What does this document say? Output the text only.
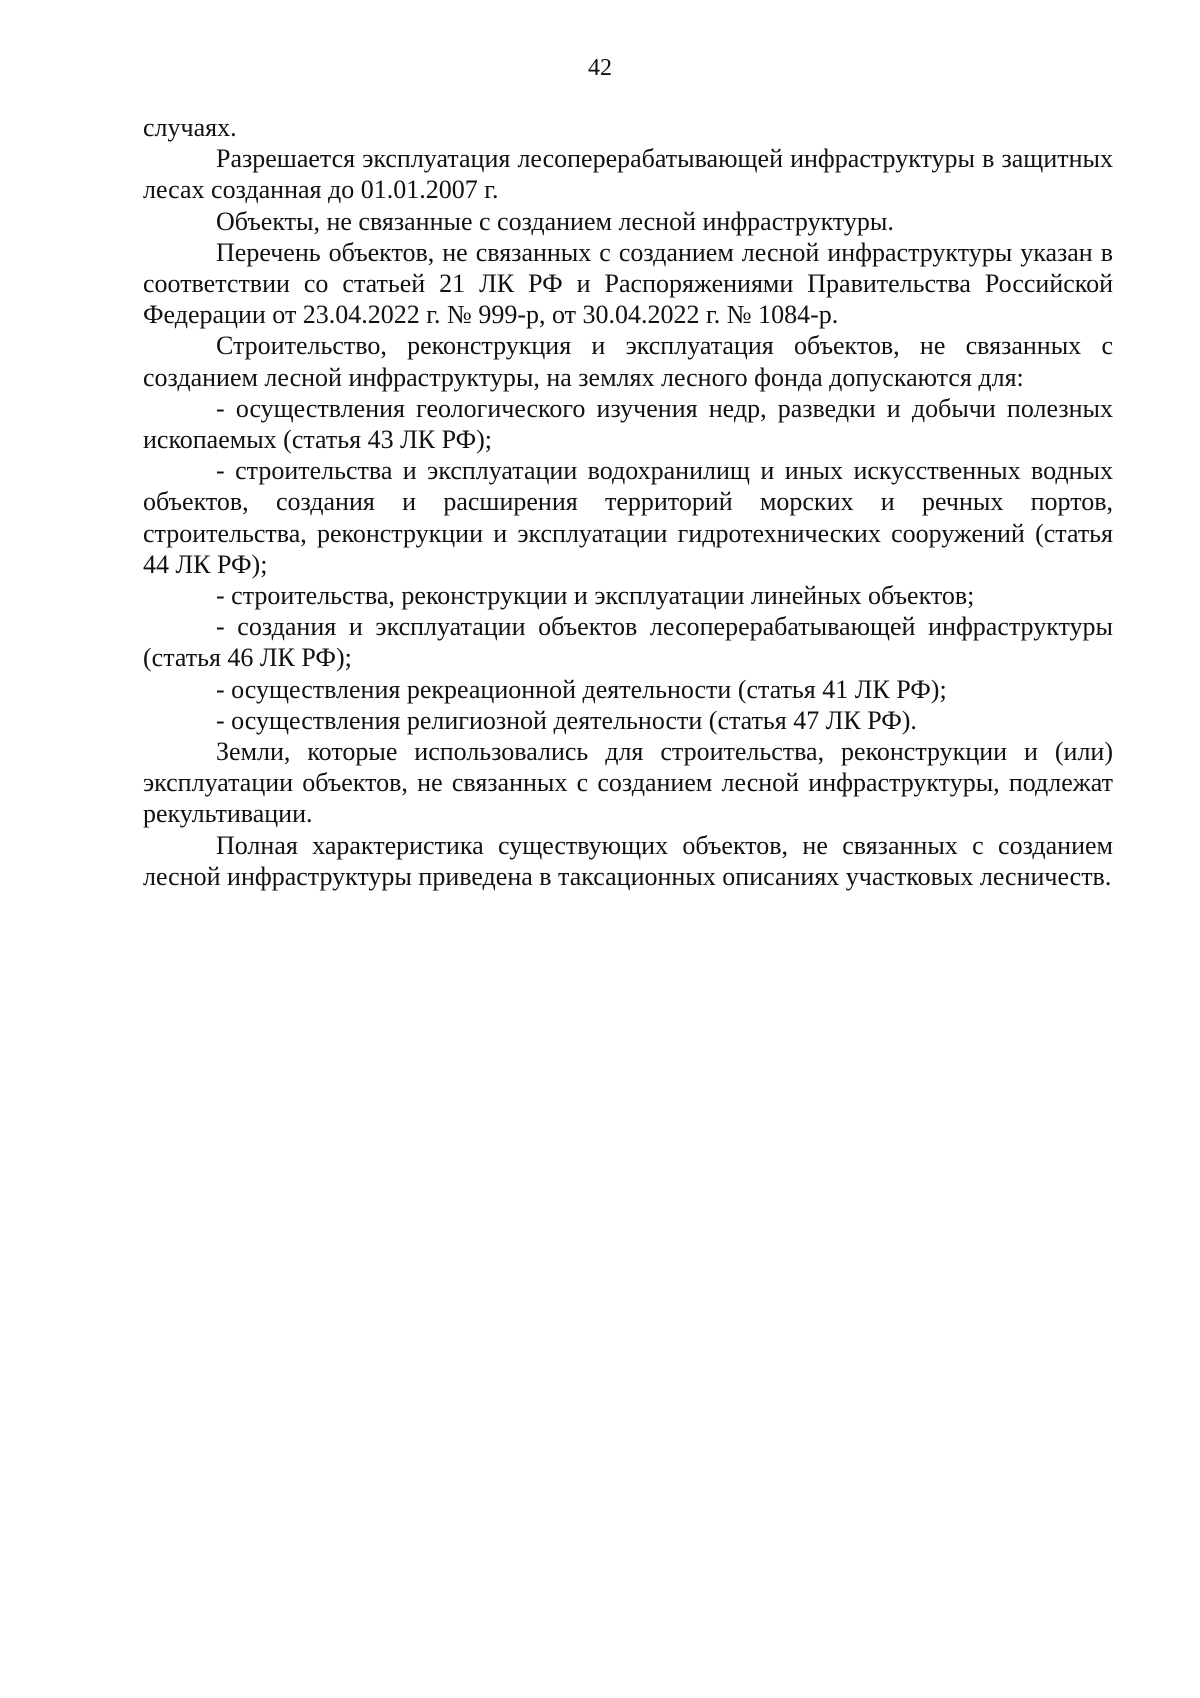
42

случаях.

Разрешается эксплуатация лесоперерабатывающей инфраструктуры в защитных лесах созданная до 01.01.2007 г.

Объекты, не связанные с созданием лесной инфраструктуры.

Перечень объектов, не связанных с созданием лесной инфраструктуры указан в соответствии со статьей 21 ЛК РФ и Распоряжениями Правительства Российской Федерации от 23.04.2022 г. № 999-р, от 30.04.2022 г. № 1084-р.

Строительство, реконструкция и эксплуатация объектов, не связанных с созданием лесной инфраструктуры, на землях лесного фонда допускаются для:

- осуществления геологического изучения недр, разведки и добычи полезных ископаемых (статья 43 ЛК РФ);

- строительства и эксплуатации водохранилищ и иных искусственных водных объектов, создания и расширения территорий морских и речных портов, строительства, реконструкции и эксплуатации гидротехнических сооружений (статья 44 ЛК РФ);

- строительства, реконструкции и эксплуатации линейных объектов;

- создания и эксплуатации объектов лесоперерабатывающей инфраструктуры (статья 46 ЛК РФ);

- осуществления рекреационной деятельности (статья 41 ЛК РФ);

- осуществления религиозной деятельности (статья 47 ЛК РФ).

Земли, которые использовались для строительства, реконструкции и (или) эксплуатации объектов, не связанных с созданием лесной инфраструктуры, подлежат рекультивации.

Полная характеристика существующих объектов, не связанных с созданием лесной инфраструктуры приведена в таксационных описаниях участковых лесничеств.
